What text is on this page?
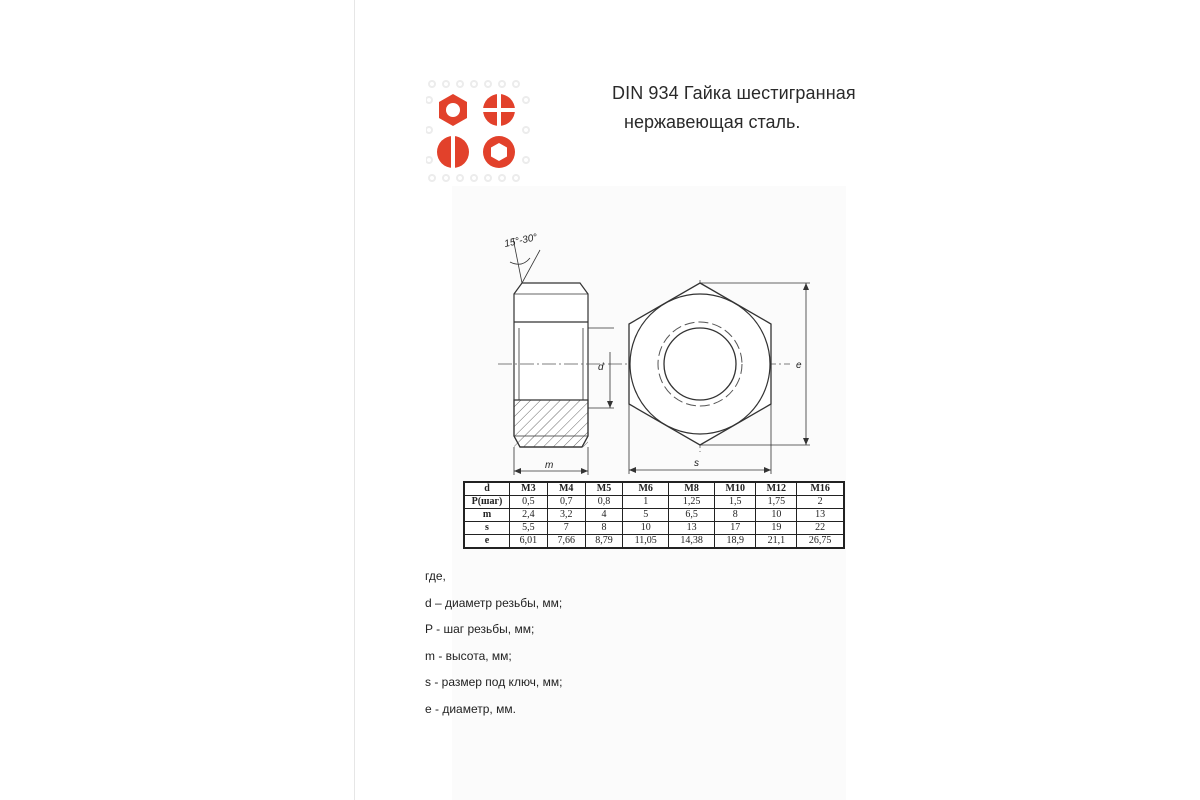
DIN 934 Гайка шестигранная
нержавеющая сталь.
15°-30°
d
m	s
e
d	M3	M4	M5	M6	M8	M10	M12	M16
P(шаг)	0,5	0,7	0,8	1	1,25	1,5	1,75	2
m	2,4	3,2	4	5	6,5	8	10	13
s	5,5	7	8	10	13	17	19	22
e	6,01	7,66	8,79	11,05	14,38	18,9	21,1	26,75
где,
d – диаметр резьбы, мм;
P - шаг резьбы, мм;
m - высота, мм;
s - размер под ключ, мм;
e - диаметр, мм.
